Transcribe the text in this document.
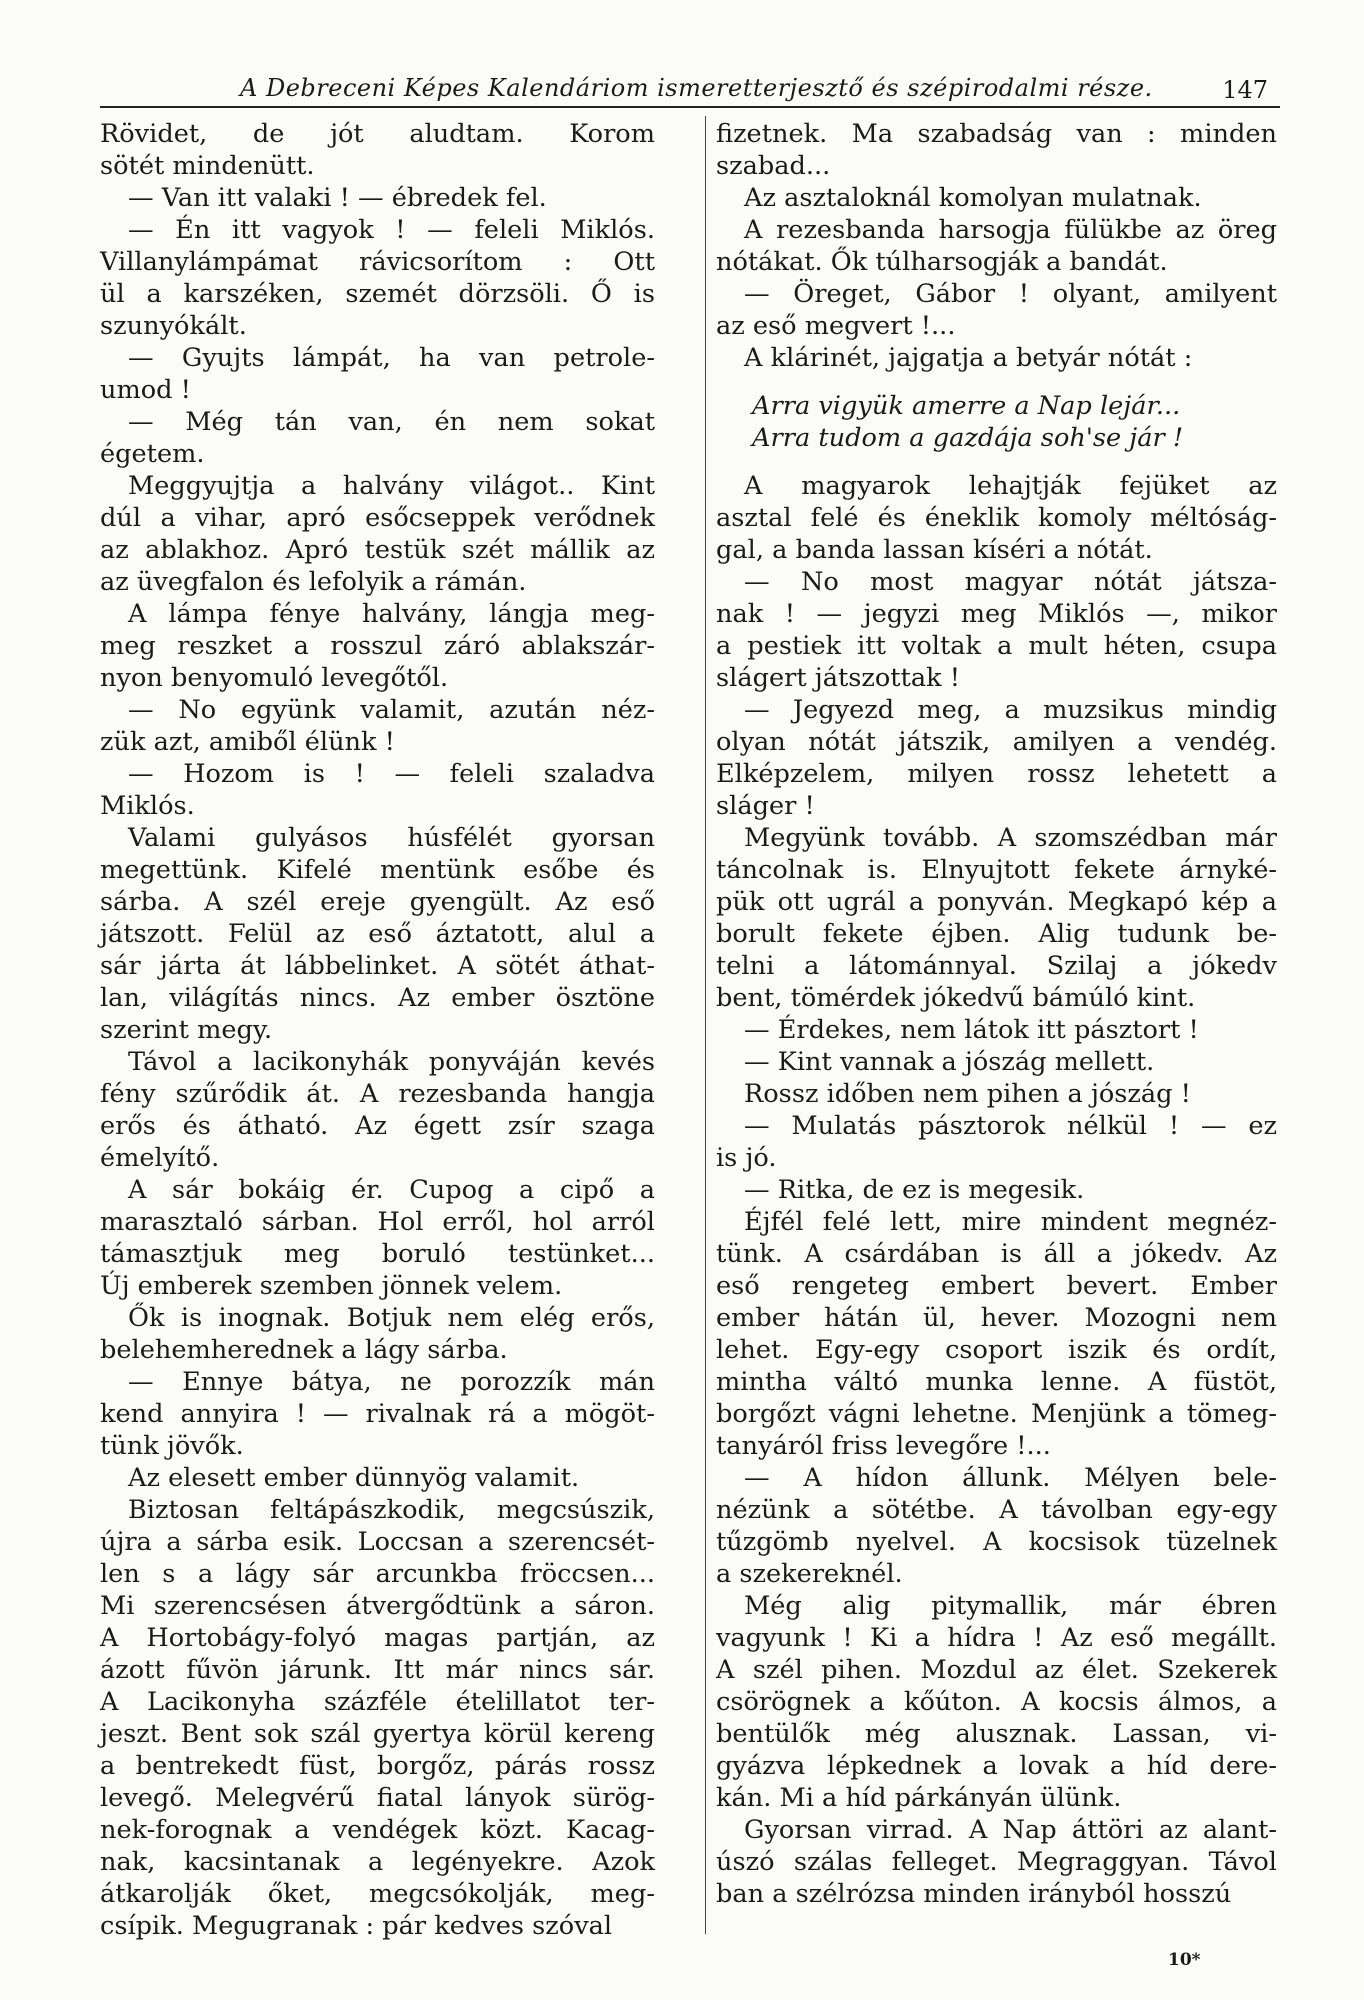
A Debreceni Képes Kalendáriom ismeretterjesztő és szépirodalmi része.	147
Rövidet, de jót aludtam. Korom
sötét mindenütt.
— Van itt valaki ! — ébredek fel.
— Én itt vagyok ! — feleli Miklós.
Villanylámpámat rávicsorítom : Ott
ül a karszéken, szemét dörzsöli. Ő is
szunyókált.
— Gyujts lámpát, ha van petrole-
umod !
— Még tán van, én nem sokat
égetem.
Meggyujtja a halvány világot.. Kint
dúl a vihar, apró esőcseppek verődnek
az ablakhoz. Apró testük szét mállik az
az üvegfalon és lefolyik a rámán.
A lámpa fénye halvány, lángja meg-
meg reszket a rosszul záró ablakszár-
nyon benyomuló levegőtől.
— No együnk valamit, azután néz-
zük azt, amiből élünk !
— Hozom is ! — feleli szaladva
Miklós.
Valami gulyásos húsfélét gyorsan
megettünk. Kifelé mentünk esőbe és
sárba. A szél ereje gyengült. Az eső
játszott. Felül az eső áztatott, alul a
sár járta át lábbelinket. A sötét áthat-
lan, világítás nincs. Az ember ösztöne
szerint megy.
Távol a lacikonyhák ponyváján kevés
fény szűrődik át. A rezesbanda hangja
erős és átható. Az égett zsír szaga
émelyítő.
A sár bokáig ér. Cupog a cipő a
marasztaló sárban. Hol erről, hol arról
támasztjuk meg boruló testünket...
Új emberek szemben jönnek velem.
Ők is inognak. Botjuk nem elég erős,
belehemherednek a lágy sárba.
— Ennye bátya, ne porozzík mán
kend annyira ! — rivalnak rá a mögöt-
tünk jövők.
Az elesett ember dünnyög valamit.
Biztosan feltápászkodik, megcsúszik,
újra a sárba esik. Loccsan a szerencsét-
len s a lágy sár arcunkba fröccsen...
Mi szerencsésen átvergődtünk a sáron.
A Hortobágy-folyó magas partján, az
ázott fűvön járunk. Itt már nincs sár.
A Lacikonyha százféle ételillatot ter-
jeszt. Bent sok szál gyertya körül kereng
a bentrekedt füst, borgőz, párás rossz
levegő. Melegvérű fiatal lányok sürög-
nek-forognak a vendégek közt. Kacag-
nak, kacsintanak a legényekre. Azok
átkarolják őket, megcsókolják, meg-
csípik. Megugranak : pár kedves szóval
fizetnek. Ma szabadság van : minden
szabad...
Az asztaloknál komolyan mulatnak.
A rezesbanda harsogja fülükbe az öreg
nótákat. Ők túlharsogják a bandát.
— Öreget, Gábor ! olyant, amilyent
az eső megvert !...
A klárinét, jajgatja a betyár nótát :
Arra vigyük amerre a Nap lejár...
Arra tudom a gazdája soh'se jár !
A magyarok lehajtják fejüket az
asztal felé és éneklik komoly méltóság-
gal, a banda lassan kíséri a nótát.
— No most magyar nótát játsza-
nak ! — jegyzi meg Miklós —, mikor
a pestiek itt voltak a mult héten, csupa
slágert játszottak !
— Jegyezd meg, a muzsikus mindig
olyan nótát játszik, amilyen a vendég.
Elképzelem, milyen rossz lehetett a
sláger !
Megyünk tovább. A szomszédban már
táncolnak is. Elnyujtott fekete árnyké-
pük ott ugrál a ponyván. Megkapó kép a
borult fekete éjben. Alig tudunk be-
telni a látománnyal. Szilaj a jókedv
bent, tömérdek jókedvű bámúló kint.
— Érdekes, nem látok itt pásztort !
— Kint vannak a jószág mellett.
Rossz időben nem pihen a jószág !
— Mulatás pásztorok nélkül ! — ez
is jó.
— Ritka, de ez is megesik.
Éjfél felé lett, mire mindent megnéz-
tünk. A csárdában is áll a jókedv. Az
eső rengeteg embert bevert. Ember
ember hátán ül, hever. Mozogni nem
lehet. Egy-egy csoport iszik és ordít,
mintha váltó munka lenne. A füstöt,
borgőzt vágni lehetne. Menjünk a tömeg-
tanyáról friss levegőre !...
— A hídon állunk. Mélyen bele-
nézünk a sötétbe. A távolban egy-egy
tűzgömb nyelvel. A kocsisok tüzelnek
a szekereknél.
Még alig pitymallik, már ébren
vagyunk ! Ki a hídra ! Az eső megállt.
A szél pihen. Mozdul az élet. Szekerek
csörögnek a kőúton. A kocsis álmos, a
bentülők még alusznak. Lassan, vi-
gyázva lépkednek a lovak a híd dere-
kán. Mi a híd párkányán ülünk.
Gyorsan virrad. A Nap áttöri az alant-
úszó szálas felleget. Megraggyan. Távol
ban a szélrózsa minden irányból hosszú
10*
